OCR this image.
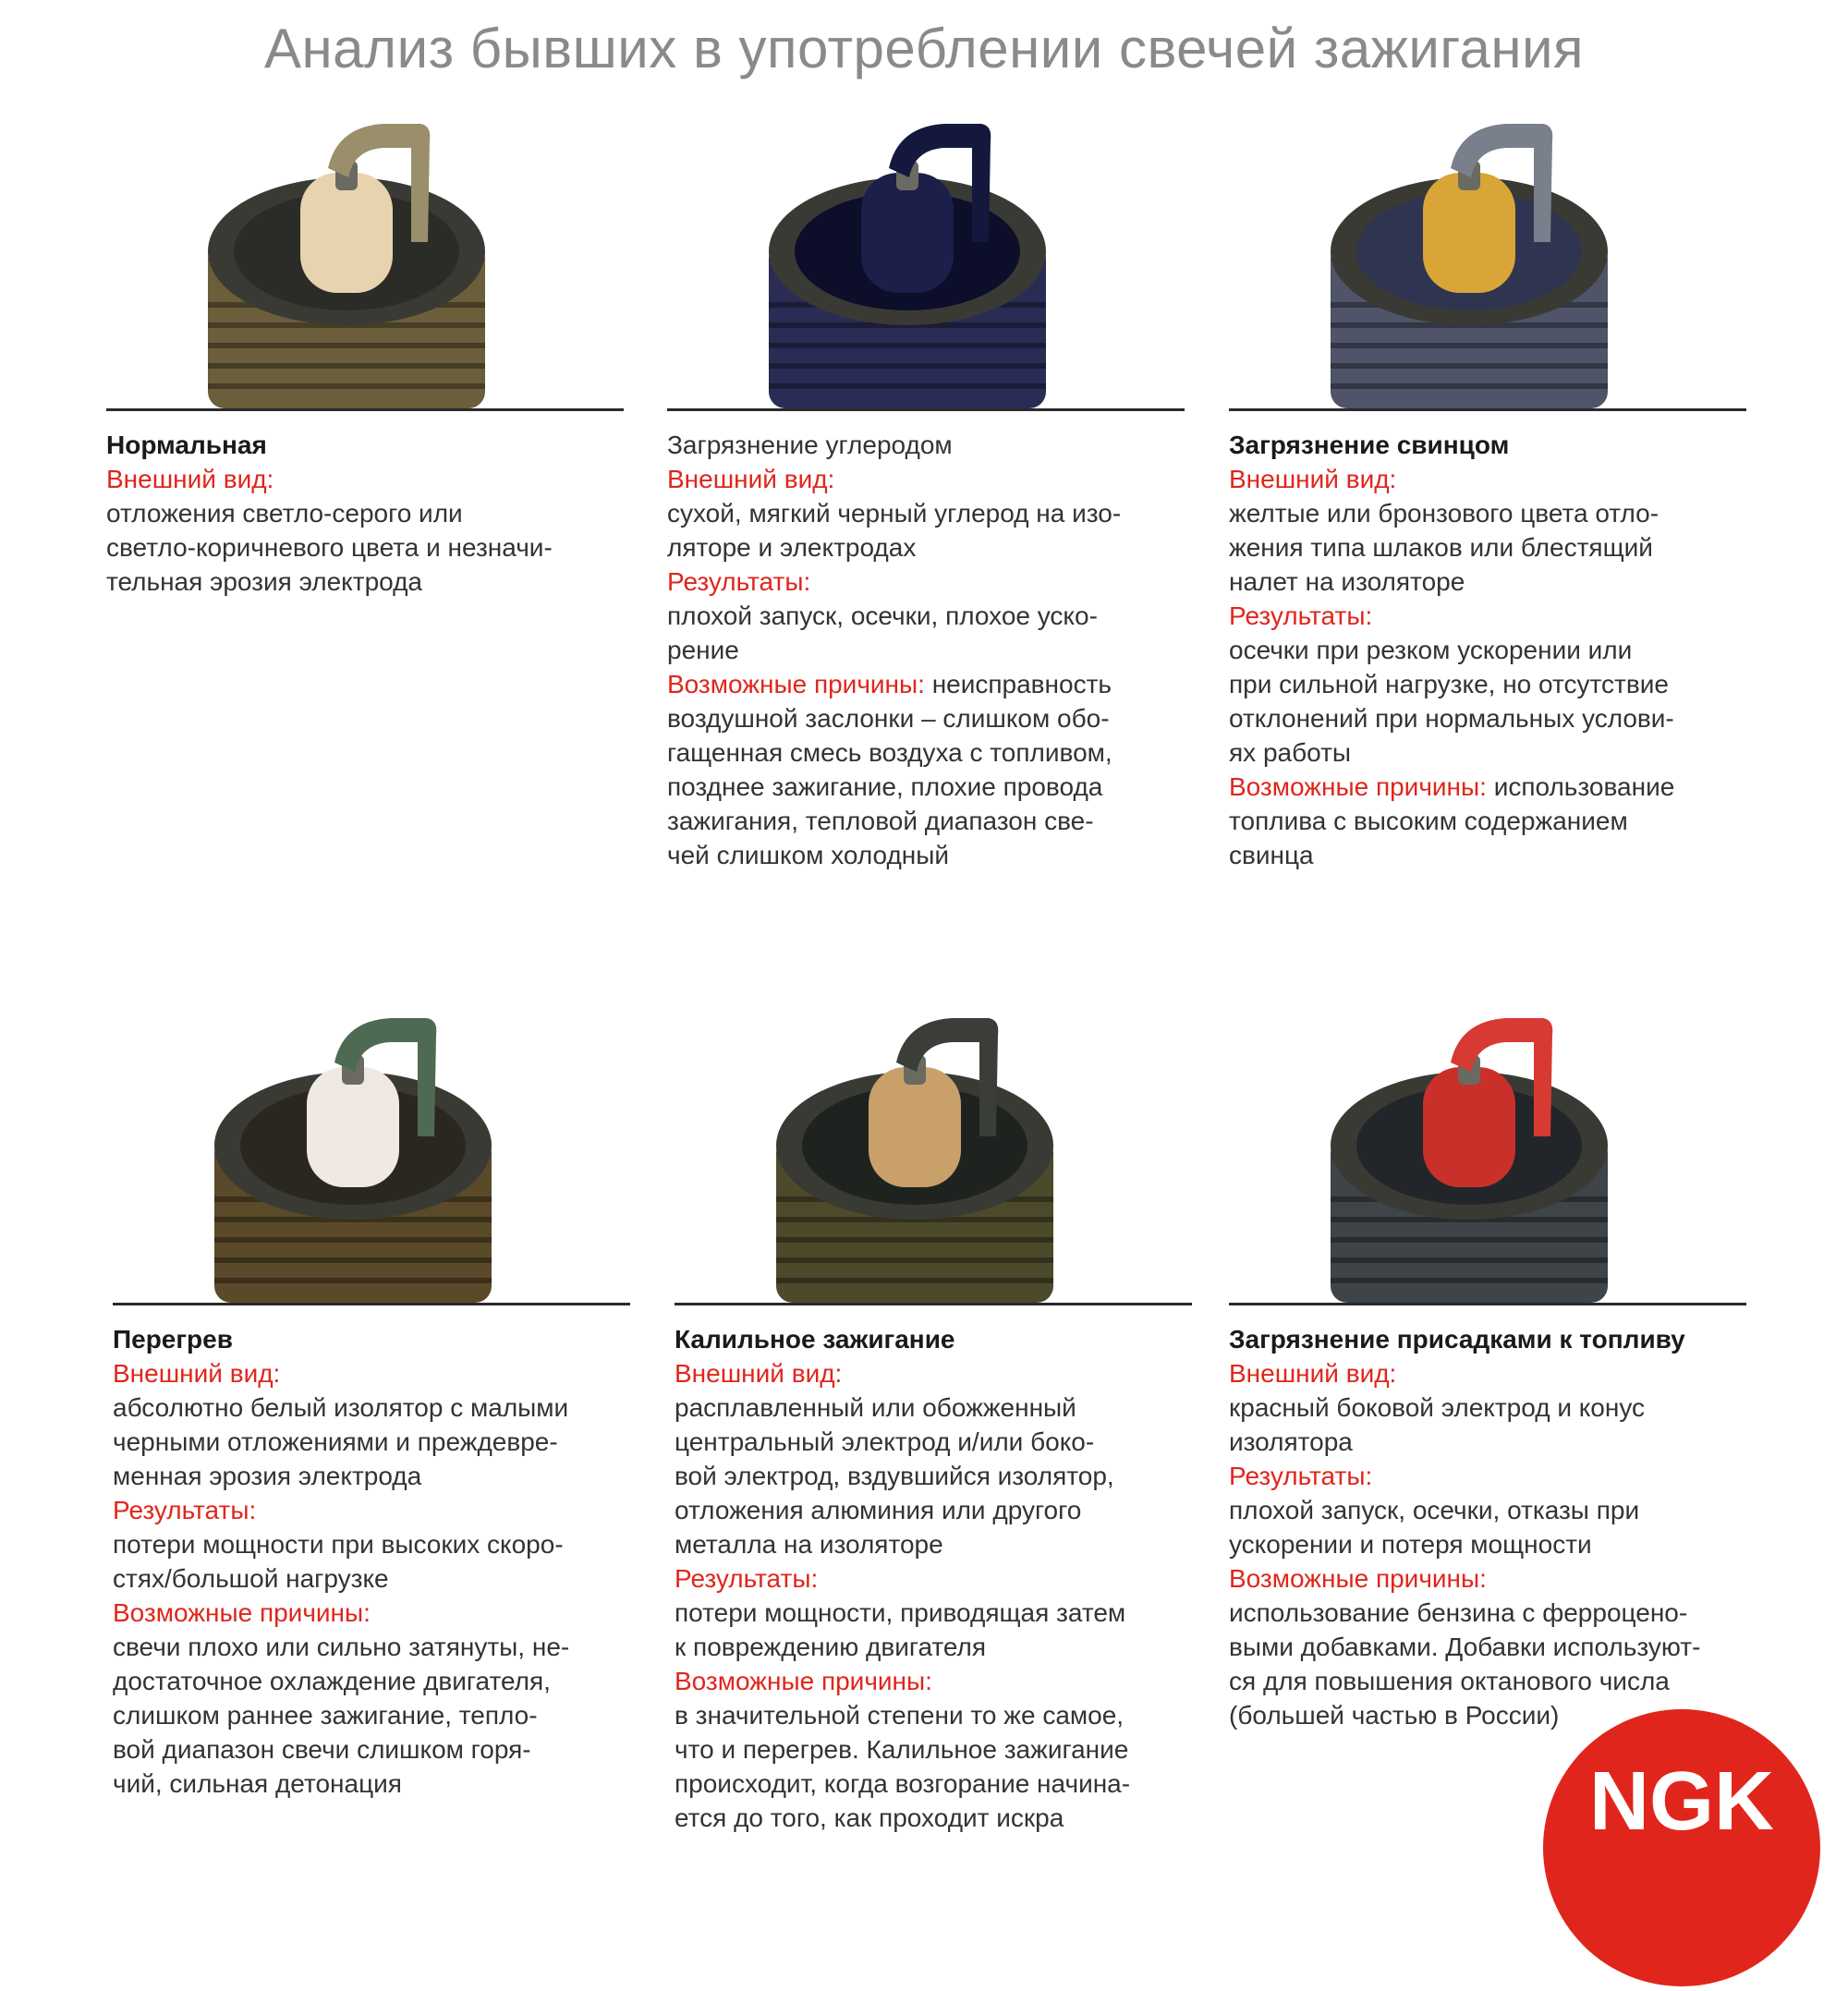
Анализ бывших в употреблении свечей зажигания
Нормальная
Внешний вид:
отложения светло-серого или
светло-коричневого цвета и незначи-
тельная эрозия электрода
Загрязнение углеродом
Внешний вид:
сухой, мягкий черный углерод на изо-
ляторе и электродах
Результаты:
плохой запуск, осечки, плохое уско-
рение
Возможные причины: неисправность
воздушной заслонки – слишком обо-
гащенная смесь воздуха с топливом,
позднее зажигание, плохие провода
зажигания, тепловой диапазон све-
чей слишком холодный
Загрязнение свинцом
Внешний вид:
желтые или бронзового цвета отло-
жения типа шлаков или блестящий
налет на изоляторе
Результаты:
осечки при резком ускорении или
при сильной нагрузке, но отсутствие
отклонений при нормальных услови-
ях работы
Возможные причины: использование
топлива с высоким содержанием
свинца
Перегрев
Внешний вид:
абсолютно белый изолятор с малыми
черными отложениями и преждевре-
менная эрозия электрода
Результаты:
потери мощности при высоких скоро-
стях/большой нагрузке
Возможные причины:
свечи плохо или сильно затянуты, не-
достаточное охлаждение двигателя,
слишком раннее зажигание, тепло-
вой диапазон свечи слишком горя-
чий, сильная детонация
Калильное зажигание
Внешний вид:
расплавленный или обожженный
центральный электрод и/или боко-
вой электрод, вздувшийся изолятор,
отложения алюминия или другого
металла на изоляторе
Результаты:
потери мощности, приводящая затем
к повреждению двигателя
Возможные причины:
в значительной степени то же самое,
что и перегрев. Калильное зажигание
происходит, когда возгорание начина-
ется до того, как проходит искра
Загрязнение присадками к топливу
Внешний вид:
красный боковой электрод и конус
изолятора
Результаты:
плохой запуск, осечки, отказы при
ускорении и потеря мощности
Возможные причины:
использование бензина с ферроцено-
выми добавками. Добавки используют-
ся для повышения октанового числа
(большей частью в России)
NGK
